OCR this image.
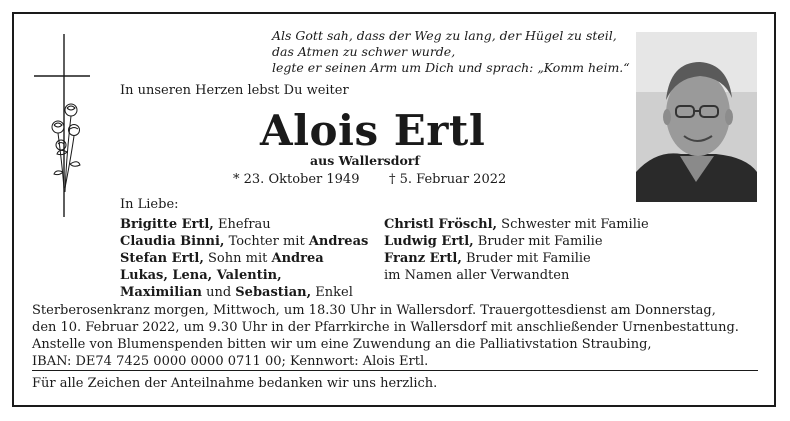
Als Gott sah, dass der Weg zu lang, der Hügel zu steil,
das Atmen zu schwer wurde,
legte er seinen Arm um Dich und sprach: „Komm heim.“
In unseren Herzen lebst Du weiter
Alois Ertl
aus Wallersdorf
* 23. Oktober 1949 † 5. Februar 2022
In Liebe:
Brigitte Ertl, Ehefrau
Claudia Binni, Tochter mit Andreas
Stefan Ertl, Sohn mit Andrea
Lukas, Lena, Valentin,
Maximilian und Sebastian, Enkel
Christl Fröschl, Schwester mit Familie
Ludwig Ertl, Bruder mit Familie
Franz Ertl, Bruder mit Familie
im Namen aller Verwandten
Sterberosenkranz morgen, Mittwoch, um 18.30 Uhr in Wallersdorf. Trauergottesdienst am Donnerstag,
den 10. Februar 2022, um 9.30 Uhr in der Pfarrkirche in Wallersdorf mit anschließender Urnenbestattung.
Anstelle von Blumenspenden bitten wir um eine Zuwendung an die Palliativstation Straubing,
IBAN: DE74 7425 0000 0000 0711 00; Kennwort: Alois Ertl.
Für alle Zeichen der Anteilnahme bedanken wir uns herzlich.
